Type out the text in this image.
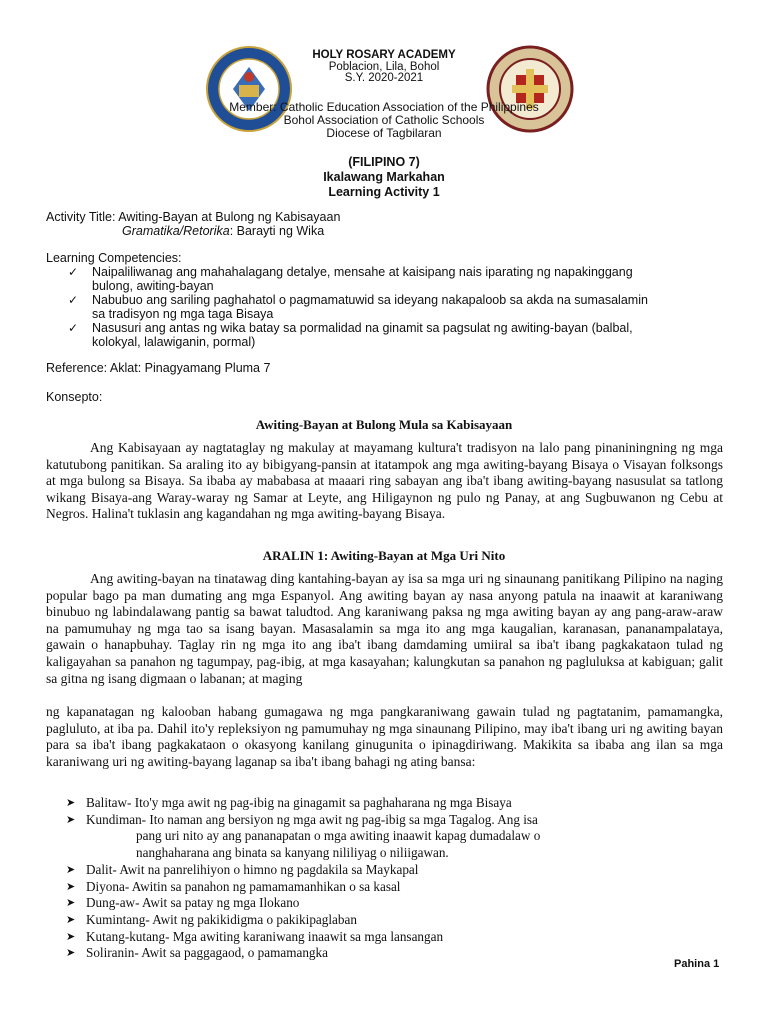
HOLY ROSARY ACADEMY
Poblacion, Lila, Bohol
S.Y. 2020-2021
Member: Catholic Education Association of the Philippines
Bohol Association of Catholic Schools
Diocese of Tagbilaran
(FILIPINO 7)
Ikalawang Markahan
Learning Activity 1
Activity Title: Awiting-Bayan at Bulong ng Kabisayaan
Gramatika/Retorika: Barayti ng Wika
Learning Competencies:
✓ Naipaliliwanag ang mahahalagang detalye, mensahe at kaisipang nais iparating ng napakinggang
bulong, awiting-bayan
✓ Nabubuo ang sariling paghahatol o pagmamatuwid sa ideyang nakapaloob sa akda na sumasalamin
sa tradisyon ng mga taga Bisaya
✓ Nasusuri ang antas ng wika batay sa pormalidad na ginamit sa pagsulat ng awiting-bayan (balbal,
kolokyal, lalawiganin, pormal)
Reference: Aklat: Pinagyamang Pluma 7
Konsepto:
Awiting-Bayan at Bulong Mula sa Kabisayaan

Ang Kabisayaan ay nagtataglay ng makulay at mayamang kultura't tradisyon na lalo pang pinaniningning ng mga katutubong panitikan. Sa araling ito ay bibigyang-pansin at itatampok ang mga awiting-bayang Bisaya o Visayan folksongs at mga bulong sa Bisaya. Sa ibaba ay mababasa at maaari ring sabayan ang iba't ibang awiting-bayang nasusulat sa tatlong wikang Bisaya-ang Waray-waray ng Samar at Leyte, ang Hiligaynon ng pulo ng Panay, at ang Sugbuwanon ng Cebu at Negros. Halina't tuklasin ang kagandahan ng mga awiting-bayang Bisaya.

ARALIN 1: Awiting-Bayan at Mga Uri Nito

Ang awiting-bayan na tinatawag ding kantahing-bayan ay isa sa mga uri ng sinaunang panitikang Pilipino na naging popular bago pa man dumating ang mga Espanyol. Ang awiting bayan ay nasa anyong patula na inaawit at karaniwang binubuo ng labindalawang pantig sa bawat taludtod. Ang karaniwang paksa ng mga awiting bayan ay ang pang-araw-araw na pamumuhay ng mga tao sa isang bayan. Masasalamin sa mga ito ang mga kaugalian, karanasan, pananampalataya, gawain o hanapbuhay. Taglay rin ng mga ito ang iba't ibang damdaming umiiral sa iba't ibang pagkakataon tulad ng kaligayahan sa panahon ng tagumpay, pag-ibig, at mga kasayahan; kalungkutan sa panahon ng pagluluksa at kabiguan; galit sa gitna ng isang digmaan o labanan; at maging

ng kapanatagan ng kalooban habang gumagawa ng mga pangkaraniwang gawain tulad ng pagtatanim, pamamangka, pagluluto, at iba pa. Dahil ito'y repleksiyon ng pamumuhay ng mga sinaunang Pilipino, may iba't ibang uri ng awiting bayan para sa iba't ibang pagkakataon o okasyong kanilang ginugunita o ipinagdiriwang. Makikita sa ibaba ang ilan sa mga karaniwang uri ng awiting-bayang laganap sa iba't ibang bahagi ng ating bansa:

➤ Balitaw- Ito'y mga awit ng pag-ibig na ginagamit sa paghaharana ng mga Bisaya
➤ Kundiman- Ito naman ang bersiyon ng mga awit ng pag-ibig sa mga Tagalog. Ang isa
pang uri nito ay ang pananapatan o mga awiting inaawit kapag dumadalaw o
nanghaharana ang binata sa kanyang nililiyag o niliigawan.
➤ Dalit- Awit na panrelihiyon o himno ng pagdakila sa Maykapal
➤ Diyona- Awitin sa panahon ng pamamamanhikan o sa kasal
➤ Dung-aw- Awit sa patay ng mga Ilokano
➤ Kumintang- Awit ng pakikidigma o pakikipaglaban
➤ Kutang-kutang- Mga awiting karaniwang inaawit sa mga lansangan
➤ Soliranin- Awit sa paggagaod, o pamamangka
Pahina 1
